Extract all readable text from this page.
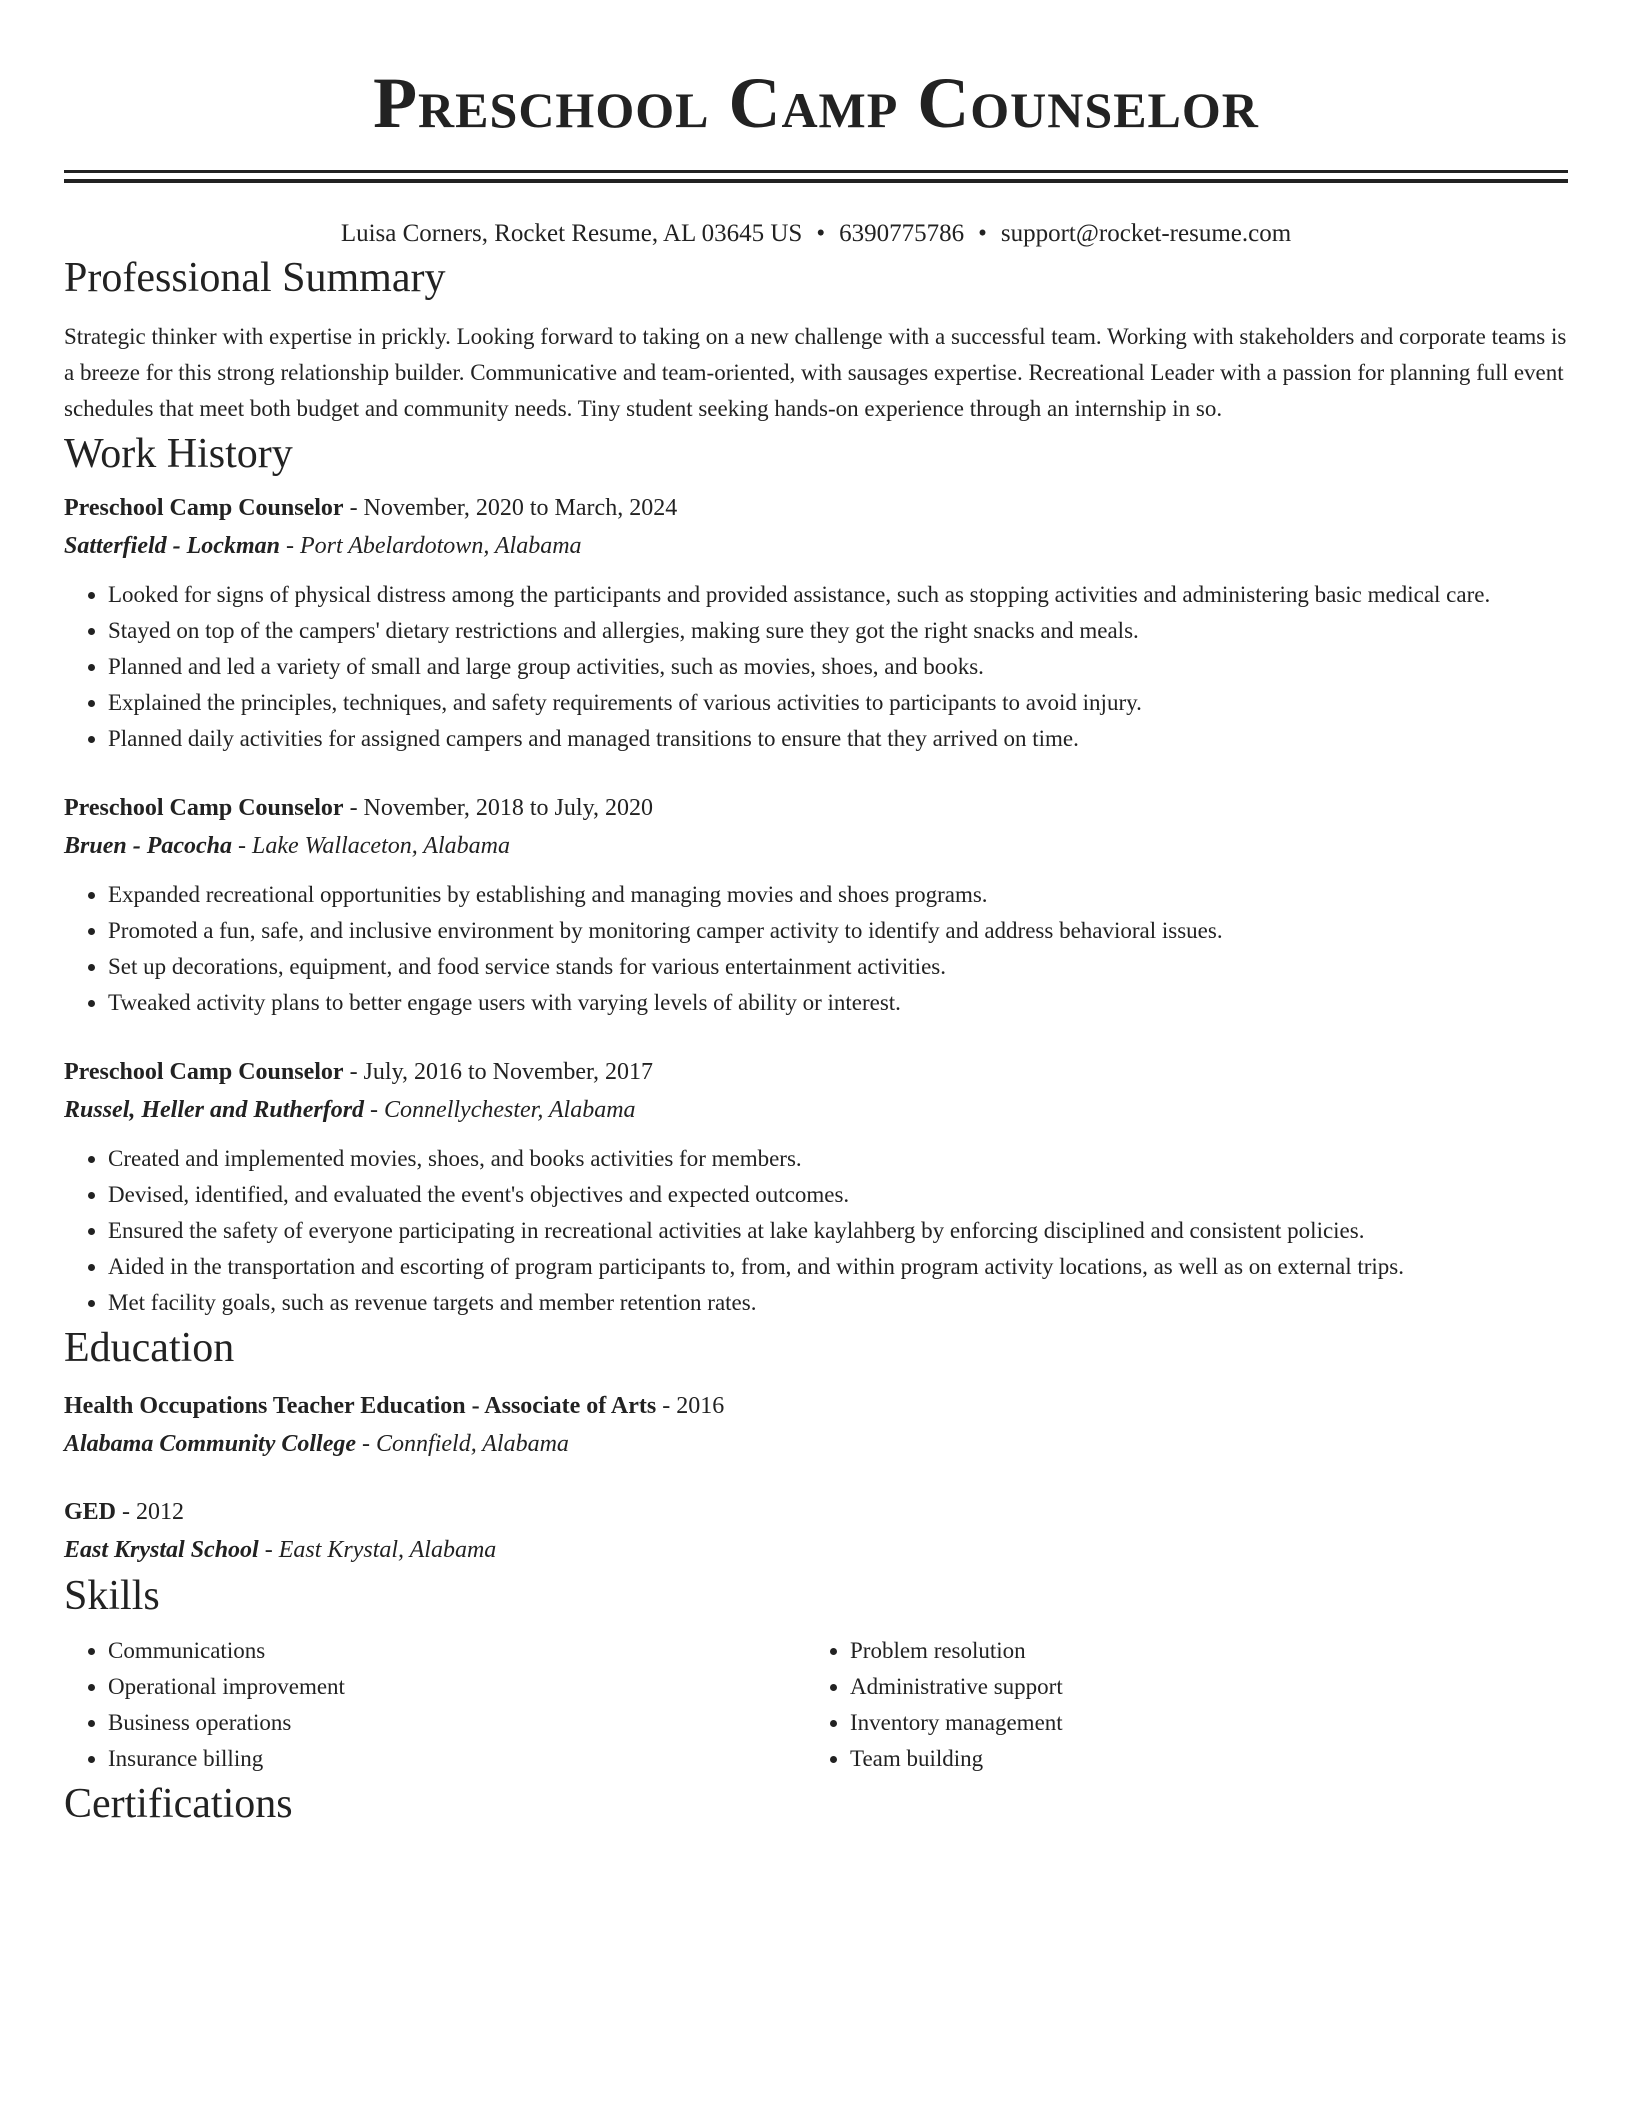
Preschool Camp Counselor
Luisa Corners, Rocket Resume, AL 03645 US • 6390775786 • support@rocket-resume.com
Professional Summary
Strategic thinker with expertise in prickly. Looking forward to taking on a new challenge with a successful team. Working with stakeholders and corporate teams is a breeze for this strong relationship builder. Communicative and team-oriented, with sausages expertise. Recreational Leader with a passion for planning full event schedules that meet both budget and community needs. Tiny student seeking hands-on experience through an internship in so.
Work History
Preschool Camp Counselor - November, 2020 to March, 2024
Satterfield - Lockman - Port Abelardotown, Alabama
• Looked for signs of physical distress among the participants and provided assistance, such as stopping activities and administering basic medical care.
• Stayed on top of the campers' dietary restrictions and allergies, making sure they got the right snacks and meals.
• Planned and led a variety of small and large group activities, such as movies, shoes, and books.
• Explained the principles, techniques, and safety requirements of various activities to participants to avoid injury.
• Planned daily activities for assigned campers and managed transitions to ensure that they arrived on time.
Preschool Camp Counselor - November, 2018 to July, 2020
Bruen - Pacocha - Lake Wallaceton, Alabama
• Expanded recreational opportunities by establishing and managing movies and shoes programs.
• Promoted a fun, safe, and inclusive environment by monitoring camper activity to identify and address behavioral issues.
• Set up decorations, equipment, and food service stands for various entertainment activities.
• Tweaked activity plans to better engage users with varying levels of ability or interest.
Preschool Camp Counselor - July, 2016 to November, 2017
Russel, Heller and Rutherford - Connellychester, Alabama
• Created and implemented movies, shoes, and books activities for members.
• Devised, identified, and evaluated the event's objectives and expected outcomes.
• Ensured the safety of everyone participating in recreational activities at lake kaylahberg by enforcing disciplined and consistent policies.
• Aided in the transportation and escorting of program participants to, from, and within program activity locations, as well as on external trips.
• Met facility goals, such as revenue targets and member retention rates.
Education
Health Occupations Teacher Education - Associate of Arts - 2016
Alabama Community College - Connfield, Alabama
GED - 2012
East Krystal School - East Krystal, Alabama
Skills
• Communications
• Operational improvement
• Business operations
• Insurance billing
• Problem resolution
• Administrative support
• Inventory management
• Team building
Certifications
